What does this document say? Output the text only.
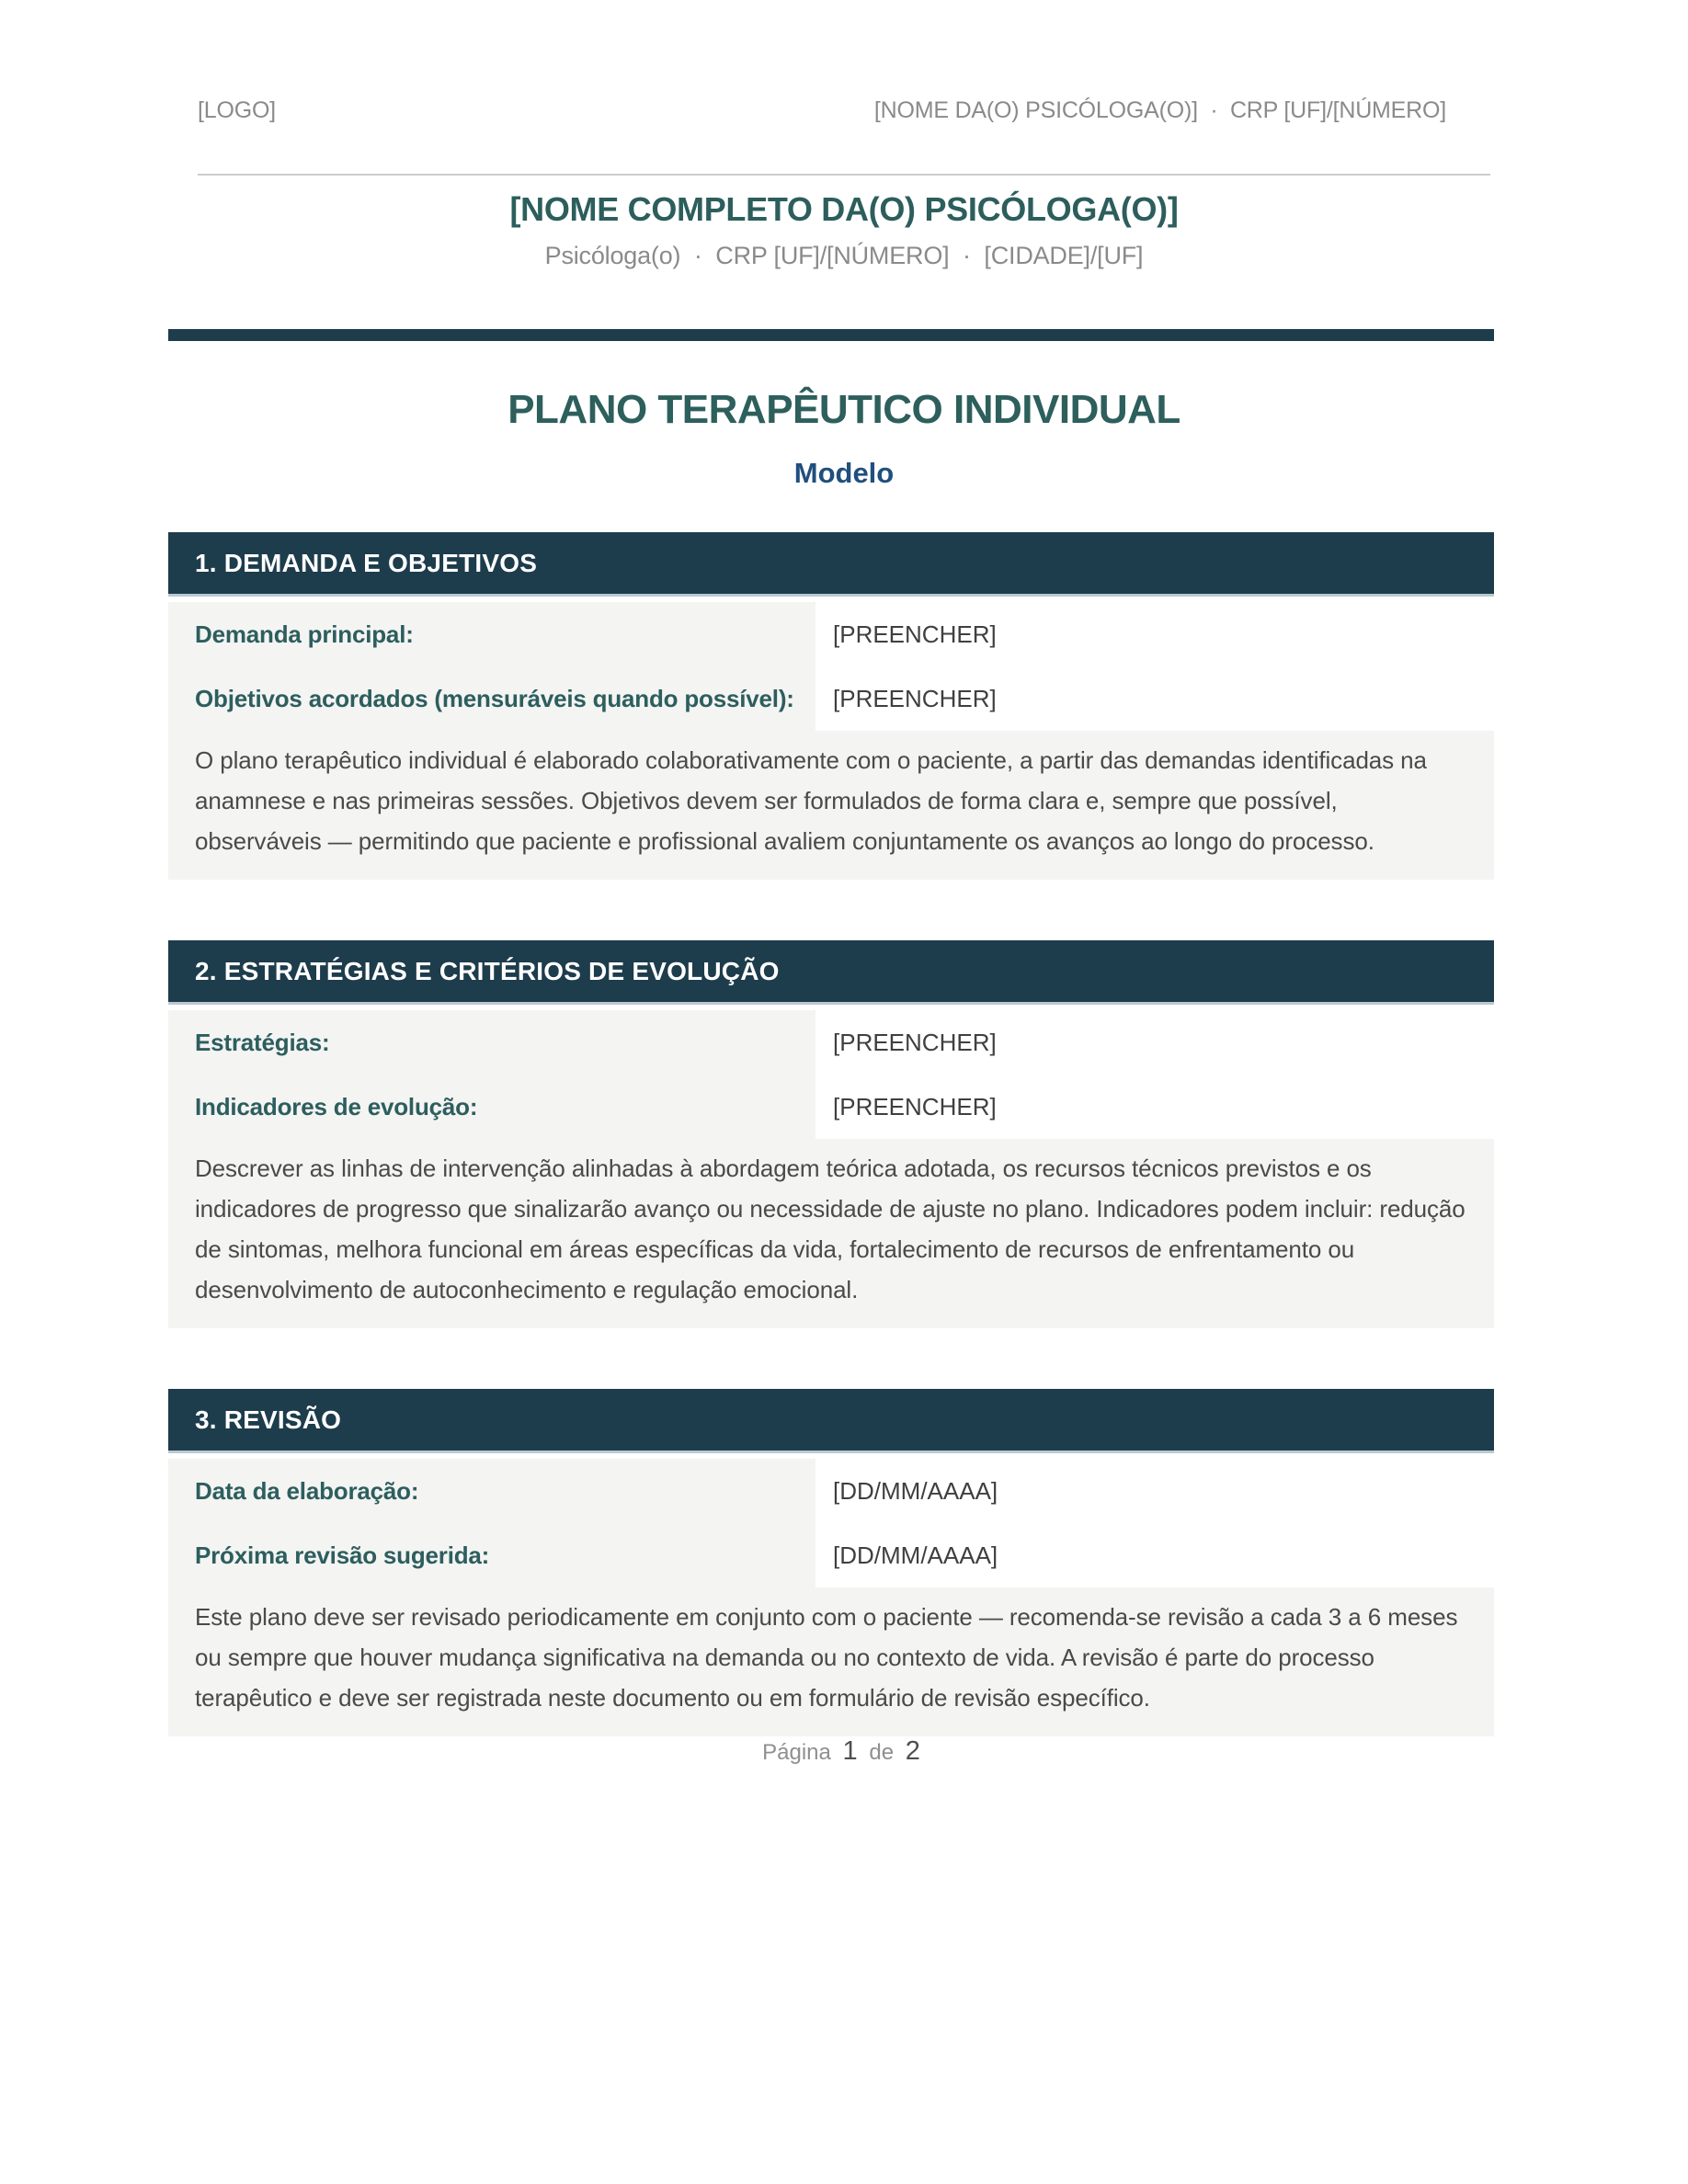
[LOGO]	[NOME DA(O) PSICÓLOGA(O)]  ·  CRP [UF]/[NÚMERO]
[NOME COMPLETO DA(O) PSICÓLOGA(O)]
Psicóloga(o)  ·  CRP [UF]/[NÚMERO]  ·  [CIDADE]/[UF]
PLANO TERAPÊUTICO INDIVIDUAL
Modelo
1. DEMANDA E OBJETIVOS
Demanda principal:	[PREENCHER]
Objetivos acordados (mensuráveis quando possível):	[PREENCHER]
O plano terapêutico individual é elaborado colaborativamente com o paciente, a partir das demandas identificadas na anamnese e nas primeiras sessões. Objetivos devem ser formulados de forma clara e, sempre que possível, observáveis — permitindo que paciente e profissional avaliem conjuntamente os avanços ao longo do processo.
2. ESTRATÉGIAS E CRITÉRIOS DE EVOLUÇÃO
Estratégias:	[PREENCHER]
Indicadores de evolução:	[PREENCHER]
Descrever as linhas de intervenção alinhadas à abordagem teórica adotada, os recursos técnicos previstos e os indicadores de progresso que sinalizarão avanço ou necessidade de ajuste no plano. Indicadores podem incluir: redução de sintomas, melhora funcional em áreas específicas da vida, fortalecimento de recursos de enfrentamento ou desenvolvimento de autoconhecimento e regulação emocional.
3. REVISÃO
Data da elaboração:	[DD/MM/AAAA]
Próxima revisão sugerida:	[DD/MM/AAAA]
Este plano deve ser revisado periodicamente em conjunto com o paciente — recomenda-se revisão a cada 3 a 6 meses ou sempre que houver mudança significativa na demanda ou no contexto de vida. A revisão é parte do processo terapêutico e deve ser registrada neste documento ou em formulário de revisão específico.
Página 1 de 2
